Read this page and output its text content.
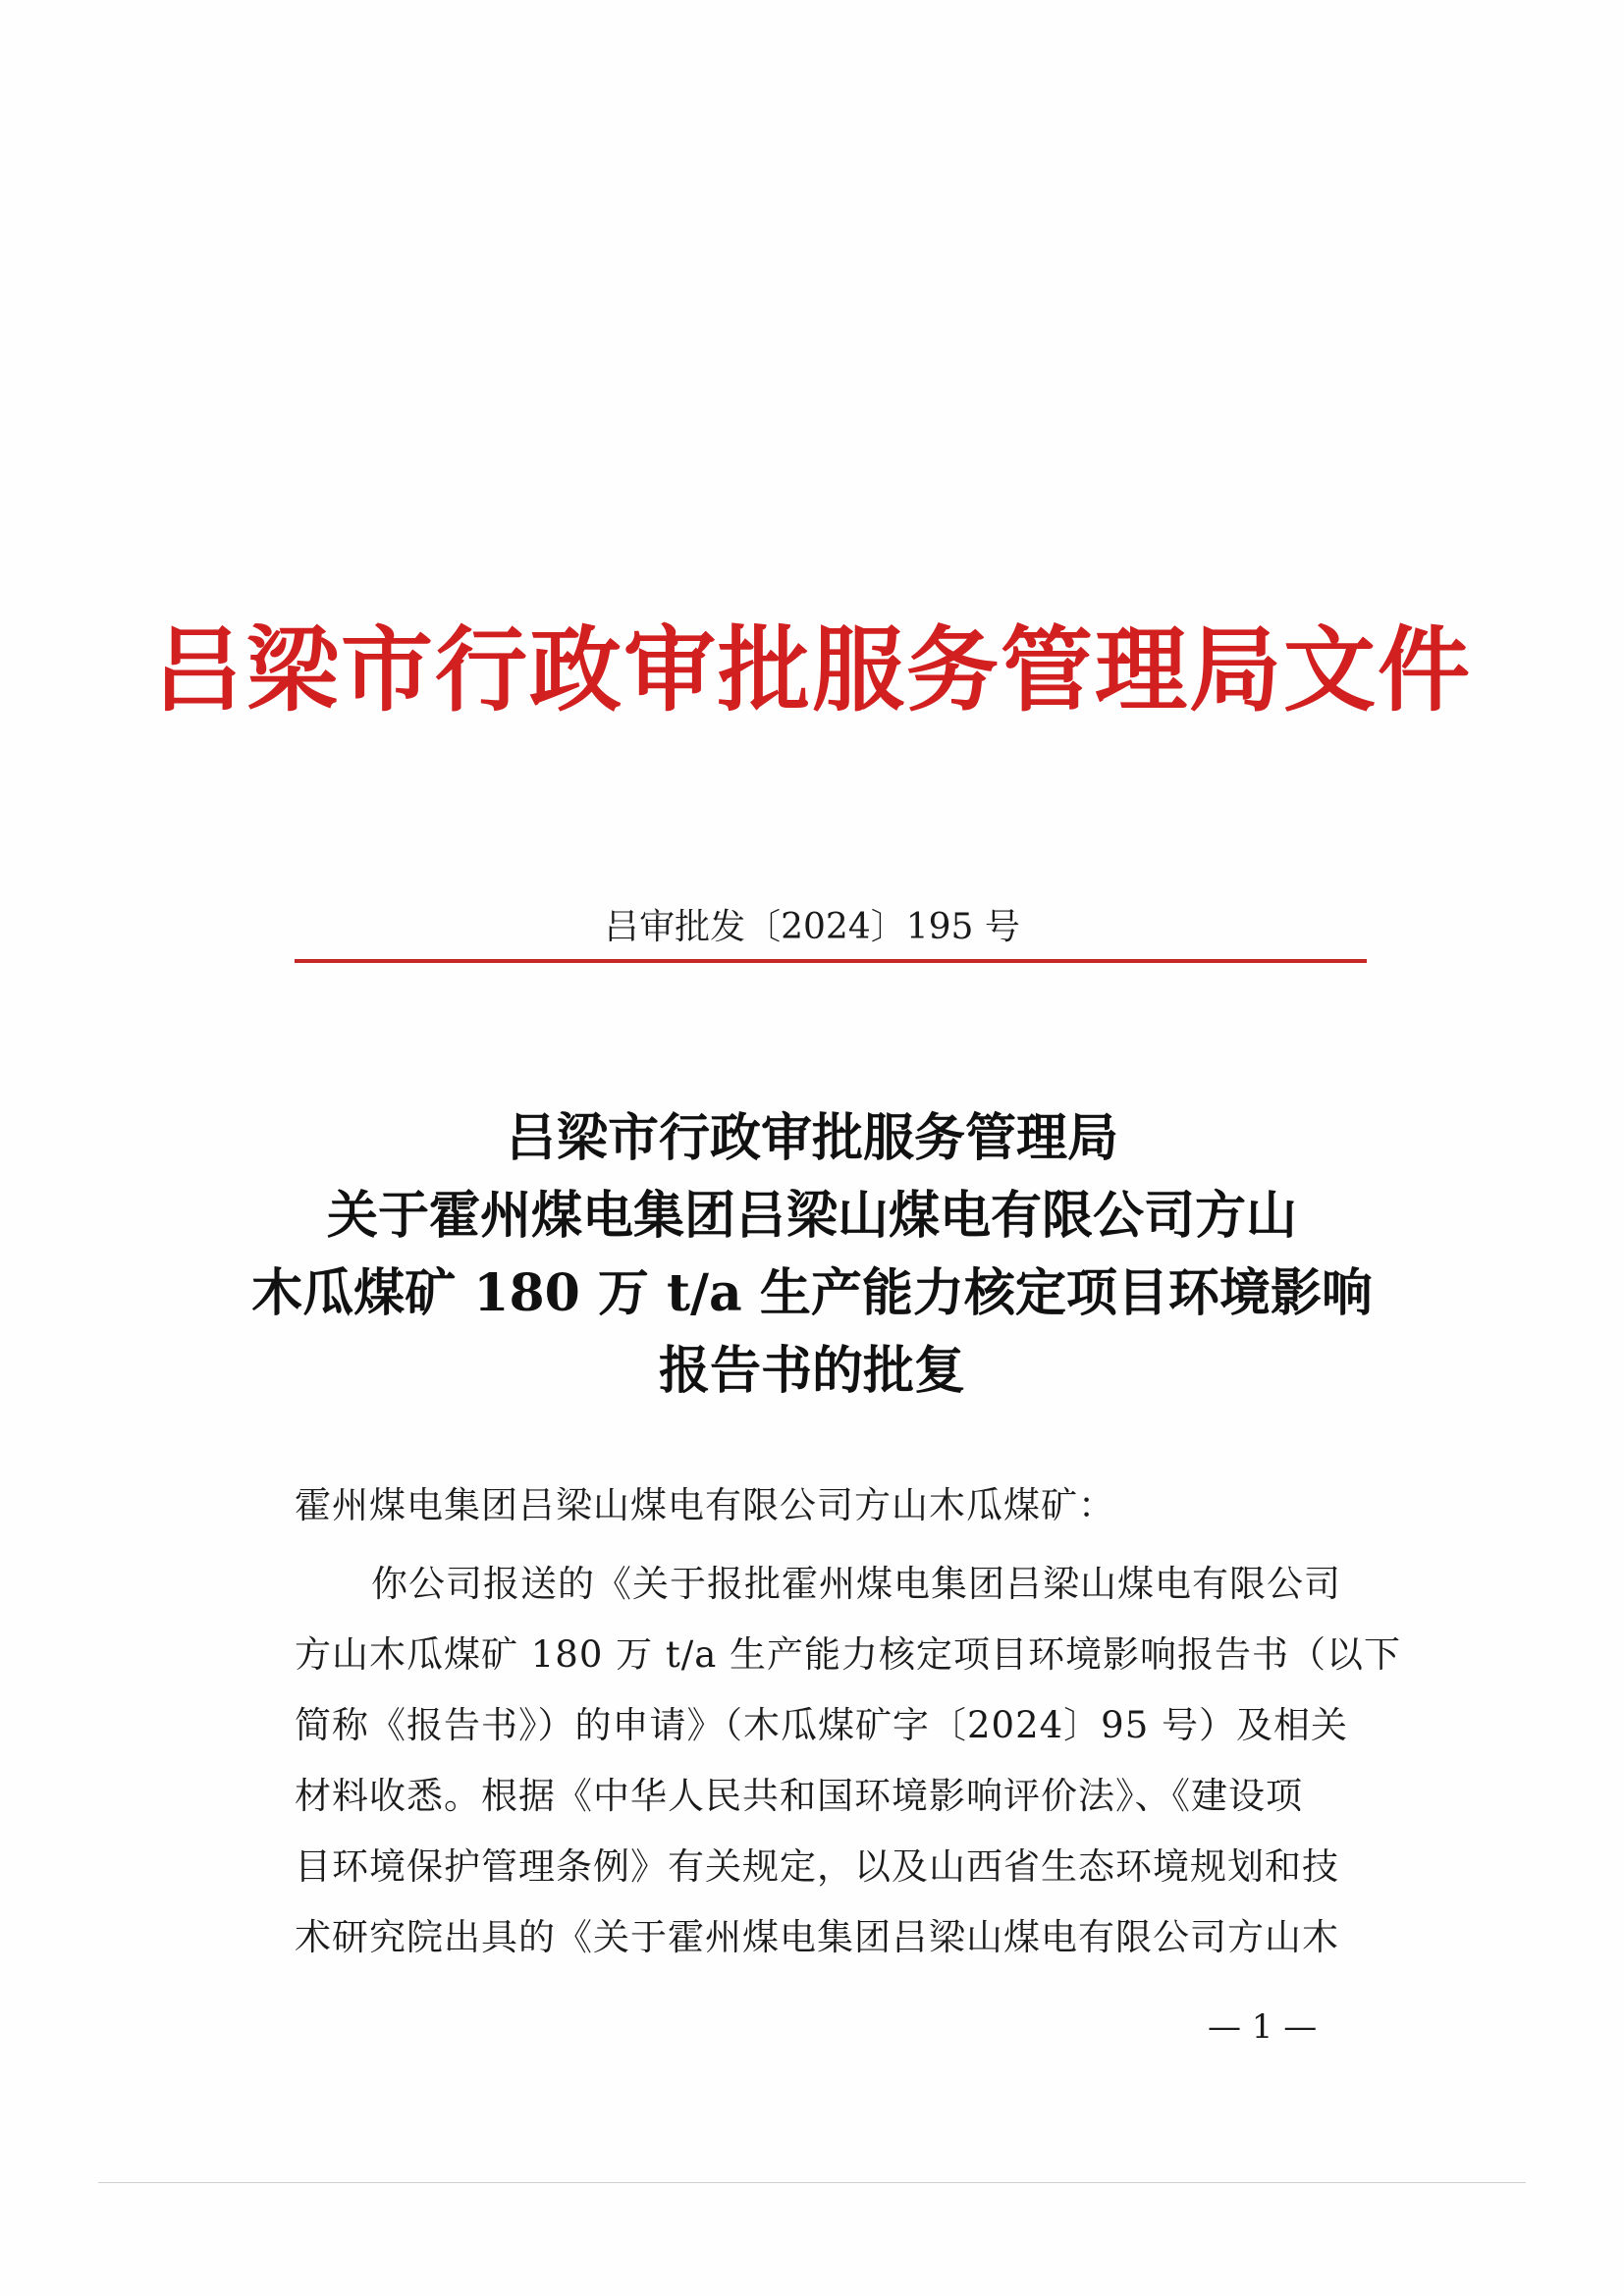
吕梁市行政审批服务管理局文件
吕审批发〔2024〕195 号
吕梁市行政审批服务管理局
关于霍州煤电集团吕梁山煤电有限公司方山
木瓜煤矿 180 万 t/a 生产能力核定项目环境影响
报告书的批复
霍州煤电集团吕梁山煤电有限公司方山木瓜煤矿：
你公司报送的《关于报批霍州煤电集团吕梁山煤电有限公司
方山木瓜煤矿 180 万 t/a 生产能力核定项目环境影响报告书（以下
简称《报告书》）的申请》（木瓜煤矿字〔2024〕95 号）及相关
材料收悉。根据《中华人民共和国环境影响评价法》、《建设项
目环境保护管理条例》有关规定，以及山西省生态环境规划和技
术研究院出具的《关于霍州煤电集团吕梁山煤电有限公司方山木
— 1 —
